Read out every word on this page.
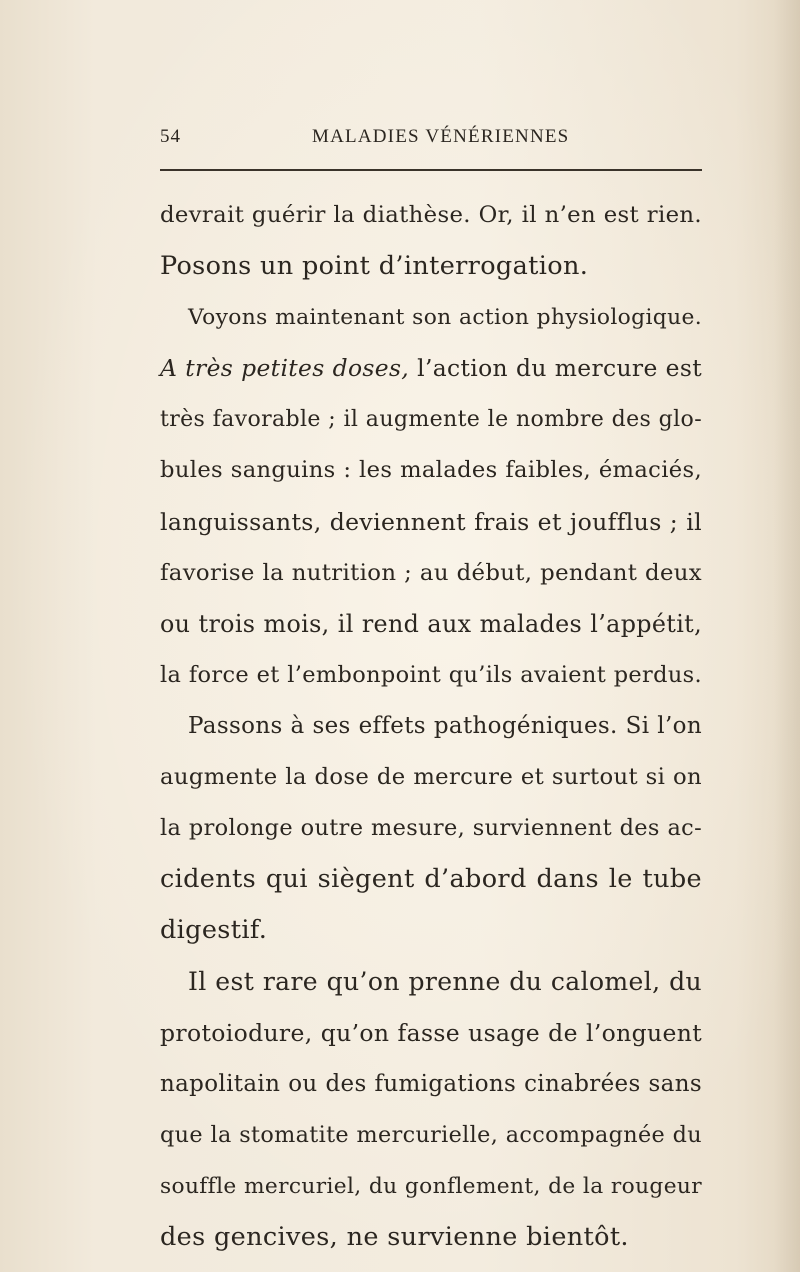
54	MALADIES VÉNÉRIENNES
devrait guérir la diathèse. Or, il n’en est rien.
Posons un point d’interrogation.
Voyons maintenant son action physiologique.
A très petites doses, l’action du mercure est
très favorable ; il augmente le nombre des glo-
bules sanguins : les malades faibles, émaciés,
languissants, deviennent frais et joufflus ; il
favorise la nutrition ; au début, pendant deux
ou trois mois, il rend aux malades l’appétit,
la force et l’embonpoint qu’ils avaient perdus.
Passons à ses effets pathogéniques. Si l’on
augmente la dose de mercure et surtout si on
la prolonge outre mesure, surviennent des ac-
cidents qui siègent d’abord dans le tube
digestif.
Il est rare qu’on prenne du calomel, du
protoiodure, qu’on fasse usage de l’onguent
napolitain ou des fumigations cinabrées sans
que la stomatite mercurielle, accompagnée du
souffle mercuriel, du gonflement, de la rougeur
des gencives, ne survienne bientôt.
